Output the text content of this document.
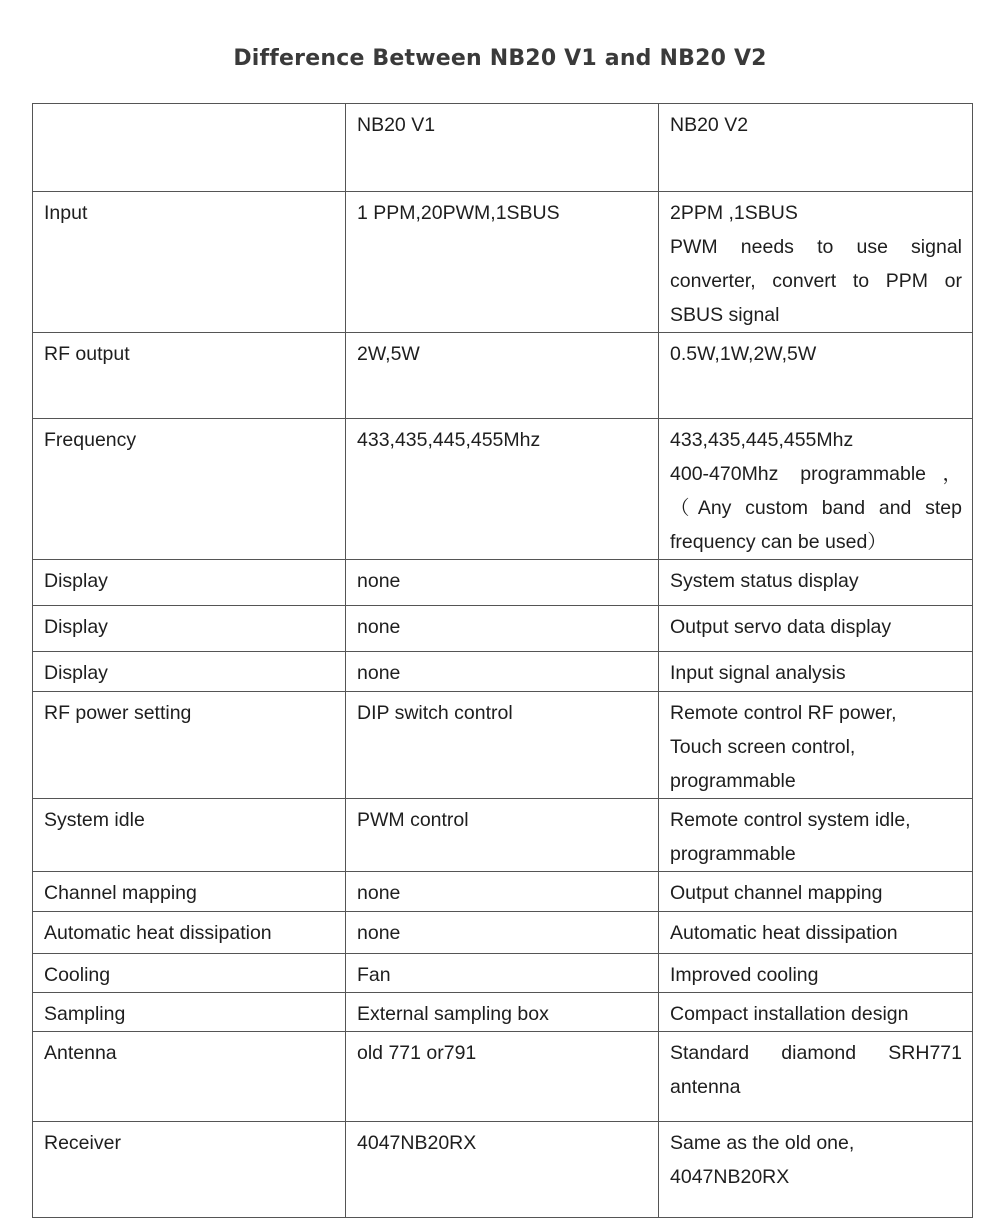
Difference Between NB20 V1 and NB20 V2
	NB20 V1	NB20 V2
Input	1 PPM,20PWM,1SBUS	2PPM ,1SBUS
PWM needs to use signal
converter, convert to PPM or
SBUS signal

RF output	2W,5W	0.5W,1W,2W,5W

Frequency	433,435,445,455Mhz	433,435,445,455Mhz
400-470Mhz programmable，
（Any custom band and step
frequency can be used）

Display	none	System status display

Display	none	Output servo data display

Display	none	Input signal analysis

RF power setting	DIP switch control	Remote control RF power,
Touch screen control,
programmable

System idle	PWM control	Remote control system idle,
programmable

Channel mapping	none	Output channel mapping

Automatic heat dissipation	none	Automatic heat dissipation

Cooling	Fan	Improved cooling

Sampling	External sampling box	Compact installation design

Antenna	old 771 or791	Standard diamond SRH771
antenna

Receiver	4047NB20RX	Same as the old one,
4047NB20RX
